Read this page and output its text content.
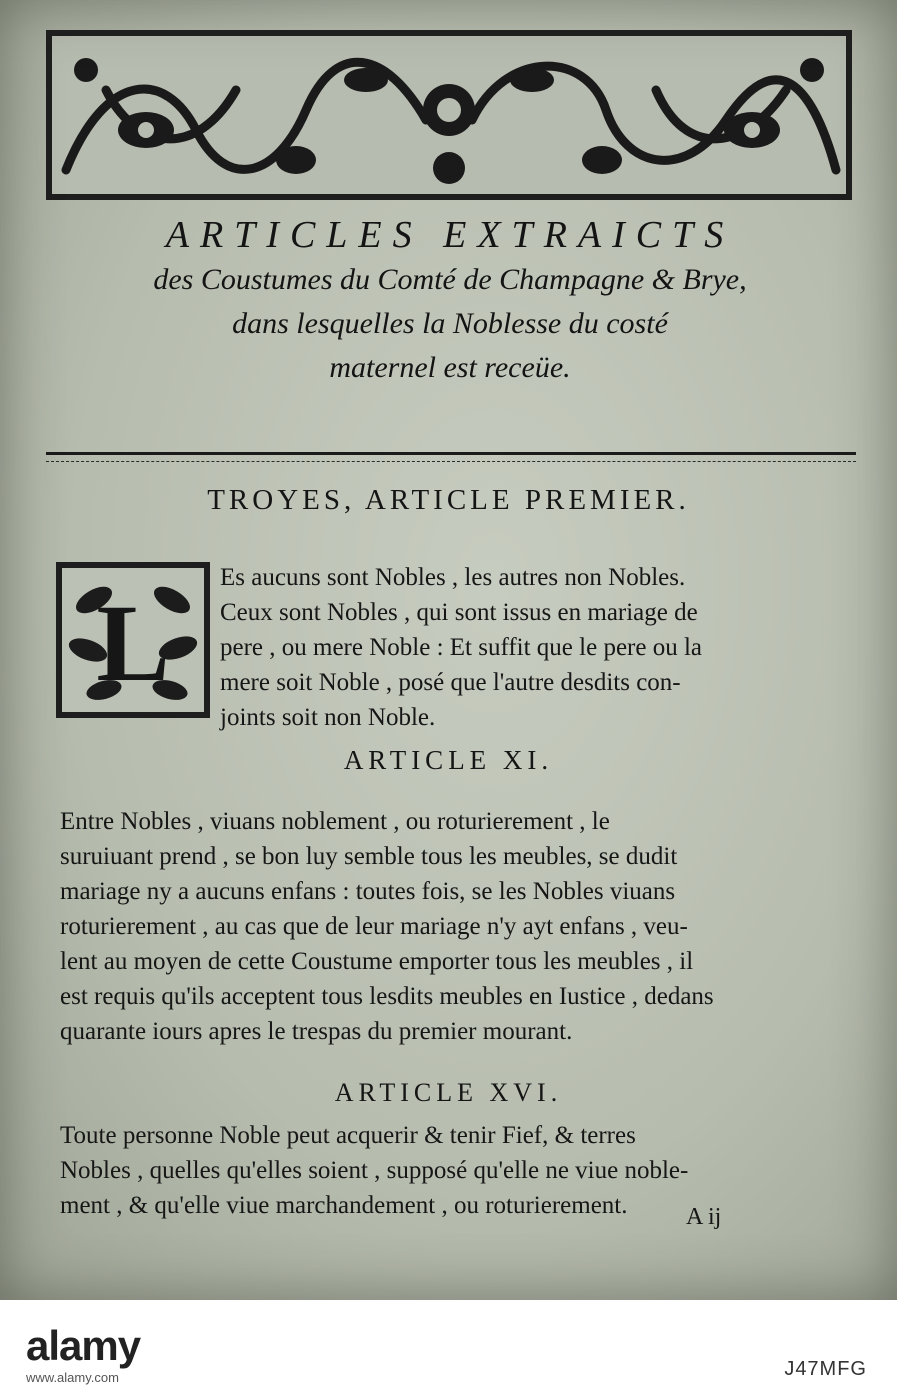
ARTICLES EXTRAICTS
des Coustumes du Comté de Champagne & Brye,
dans lesquelles la Noblesse du costé
maternel est receüe.
TROYES, ARTICLE PREMIER.
L
Es aucuns sont Nobles , les autres non Nobles.
Ceux sont Nobles , qui sont issus en mariage de
pere , ou mere Noble : Et suffit que le pere ou la
mere soit Noble , posé que l'autre desdits con-
joints soit non Noble.
ARTICLE XI.
Entre Nobles , viuans noblement , ou roturierement , le
suruiuant prend , se bon luy semble tous les meubles, se dudit
mariage ny a aucuns enfans : toutes fois, se les Nobles viuans
roturierement , au cas que de leur mariage n'y ayt enfans , veu-
lent au moyen de cette Coustume emporter tous les meubles , il
est requis qu'ils acceptent tous lesdits meubles en Iustice , dedans
quarante iours apres le trespas du premier mourant.
ARTICLE XVI.
Toute personne Noble peut acquerir & tenir Fief, & terres
Nobles , quelles qu'elles soient , supposé qu'elle ne viue noble-
ment , & qu'elle viue marchandement , ou roturierement.	A ij
alamy
www.alamy.com	J47MFG
